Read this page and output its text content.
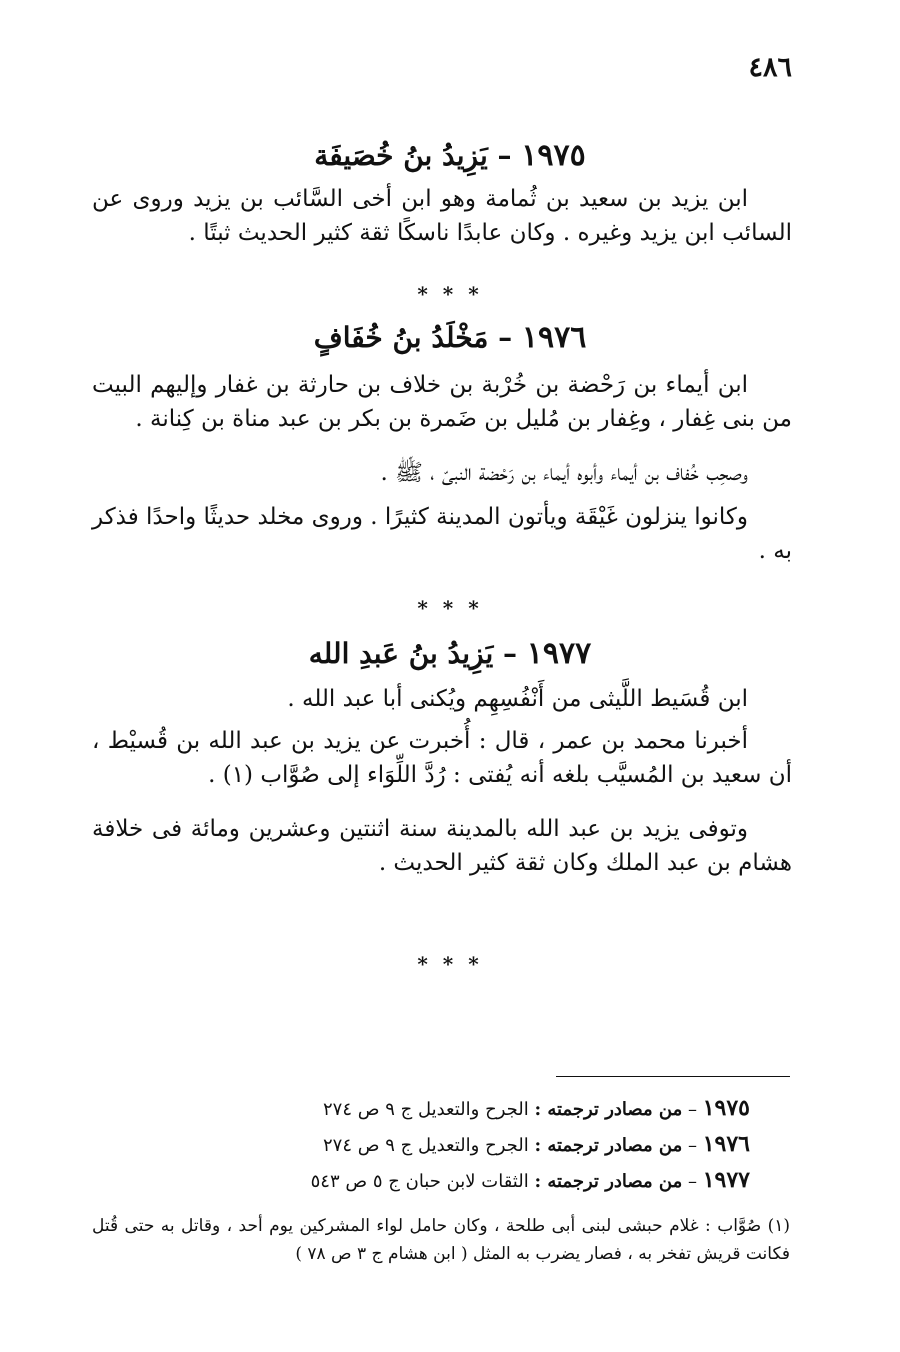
٤٨٦
١٩٧٥ – يَزِيدُ بنُ خُصَيفَة
ابن يزيد بن سعيد بن ثُمامة وهو ابن أخى السَّائب بن يزيد وروى عن السائب ابن يزيد وغيره . وكان عابدًا ناسكًا ثقة كثير الحديث ثبتًا .
* * *
١٩٧٦ – مَخْلَدُ بنُ خُفَافٍ
ابن أيماء بن رَحْضة بن خُرْبة بن خلاف بن حارثة بن غفار وإليهم البيت من بنى غِفار ، وغِفار بن مُليل بن ضَمرة بن بكر بن عبد مناة بن كِنانة .
وصحِب خُفاف بن أيماء وأبوه أيماء بن رَحْضة النبىّ ، ﷺ .
وكانوا ينزلون غَيْقَة ويأتون المدينة كثيرًا . وروى مخلد حديثًا واحدًا فذكر به .
* * *
١٩٧٧ – يَزِيدُ بنُ عَبدِ الله
ابن قُسَيط اللَّيثى من أَنْفُسِهِم ويُكنى أبا عبد الله .
أخبرنا محمد بن عمر ، قال : أُخبرت عن يزيد بن عبد الله بن قُسيْط ، أن سعيد بن المُسيَّب بلغه أنه يُفتى : رُدَّ اللِّوَاء إلى صُوَّاب (١) .
وتوفى يزيد بن عبد الله بالمدينة سنة اثنتين وعشرين ومائة فى خلافة هشام بن عبد الملك وكان ثقة كثير الحديث .
* * *
١٩٧٥ – من مصادر ترجمته : الجرح والتعديل ج ٩ ص ٢٧٤
١٩٧٦ – من مصادر ترجمته : الجرح والتعديل ج ٩ ص ٢٧٤
١٩٧٧ – من مصادر ترجمته : الثقات لابن حبان ج ٥ ص ٥٤٣
(١) صُوَّاب : غلام حبشى لبنى أبى طلحة ، وكان حامل لواء المشركين يوم أحد ، وقاتل به حتى قُتل فكانت قريش تفخر به ، فصار يضرب به المثل ( ابن هشام ج ٣ ص ٧٨ )
